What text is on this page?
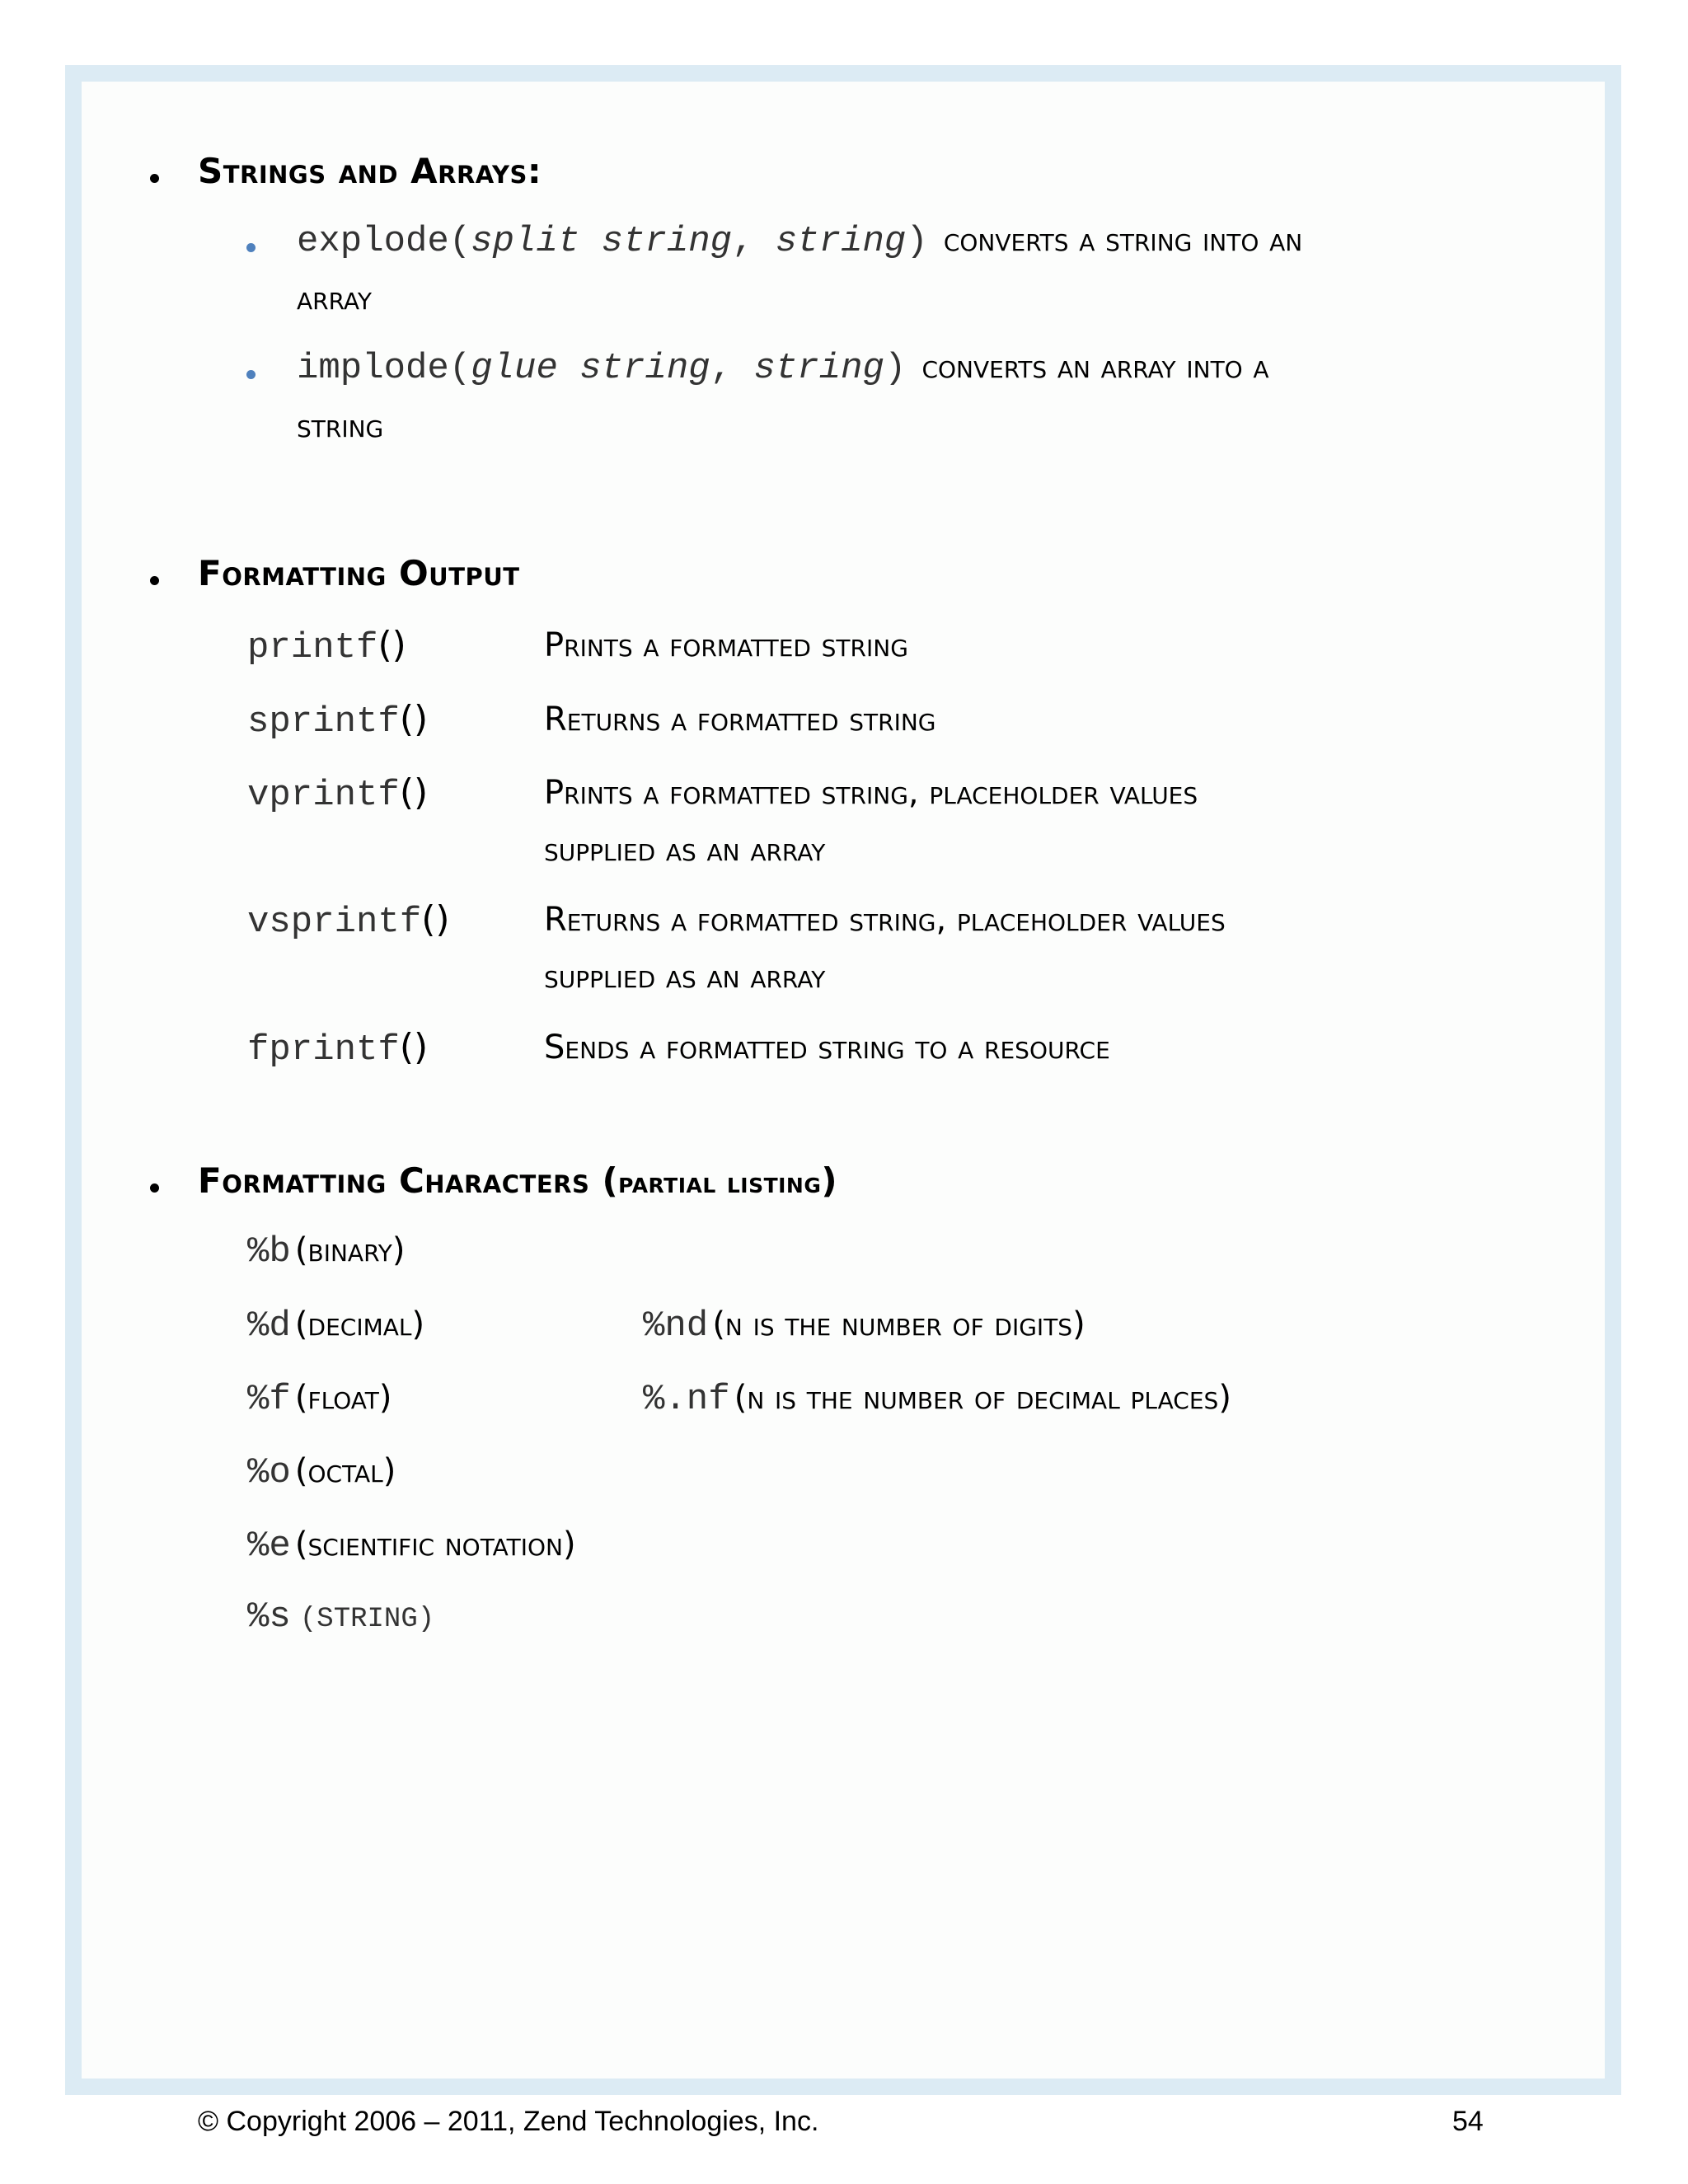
Strings and Arrays:
explode(split string, string) converts a string into an
array
implode(glue string, string) converts an array into a
string
Formatting Output
printf()	Prints a formatted string
sprintf()	Returns a formatted string
vprintf()	Prints a formatted string, placeholder values
supplied as an array
vsprintf()	Returns a formatted string, placeholder values
supplied as an array
fprintf()	Sends a formatted string to a resource
Formatting Characters (partial listing)
%b (binary)
%d (decimal)	%nd (n is the number of digits)
%f (float)	%.nf (n is the number of decimal places)
%o (octal)
%e (scientific notation)
%s (STRING)
© Copyright 2006 – 2011, Zend Technologies, Inc.	54
